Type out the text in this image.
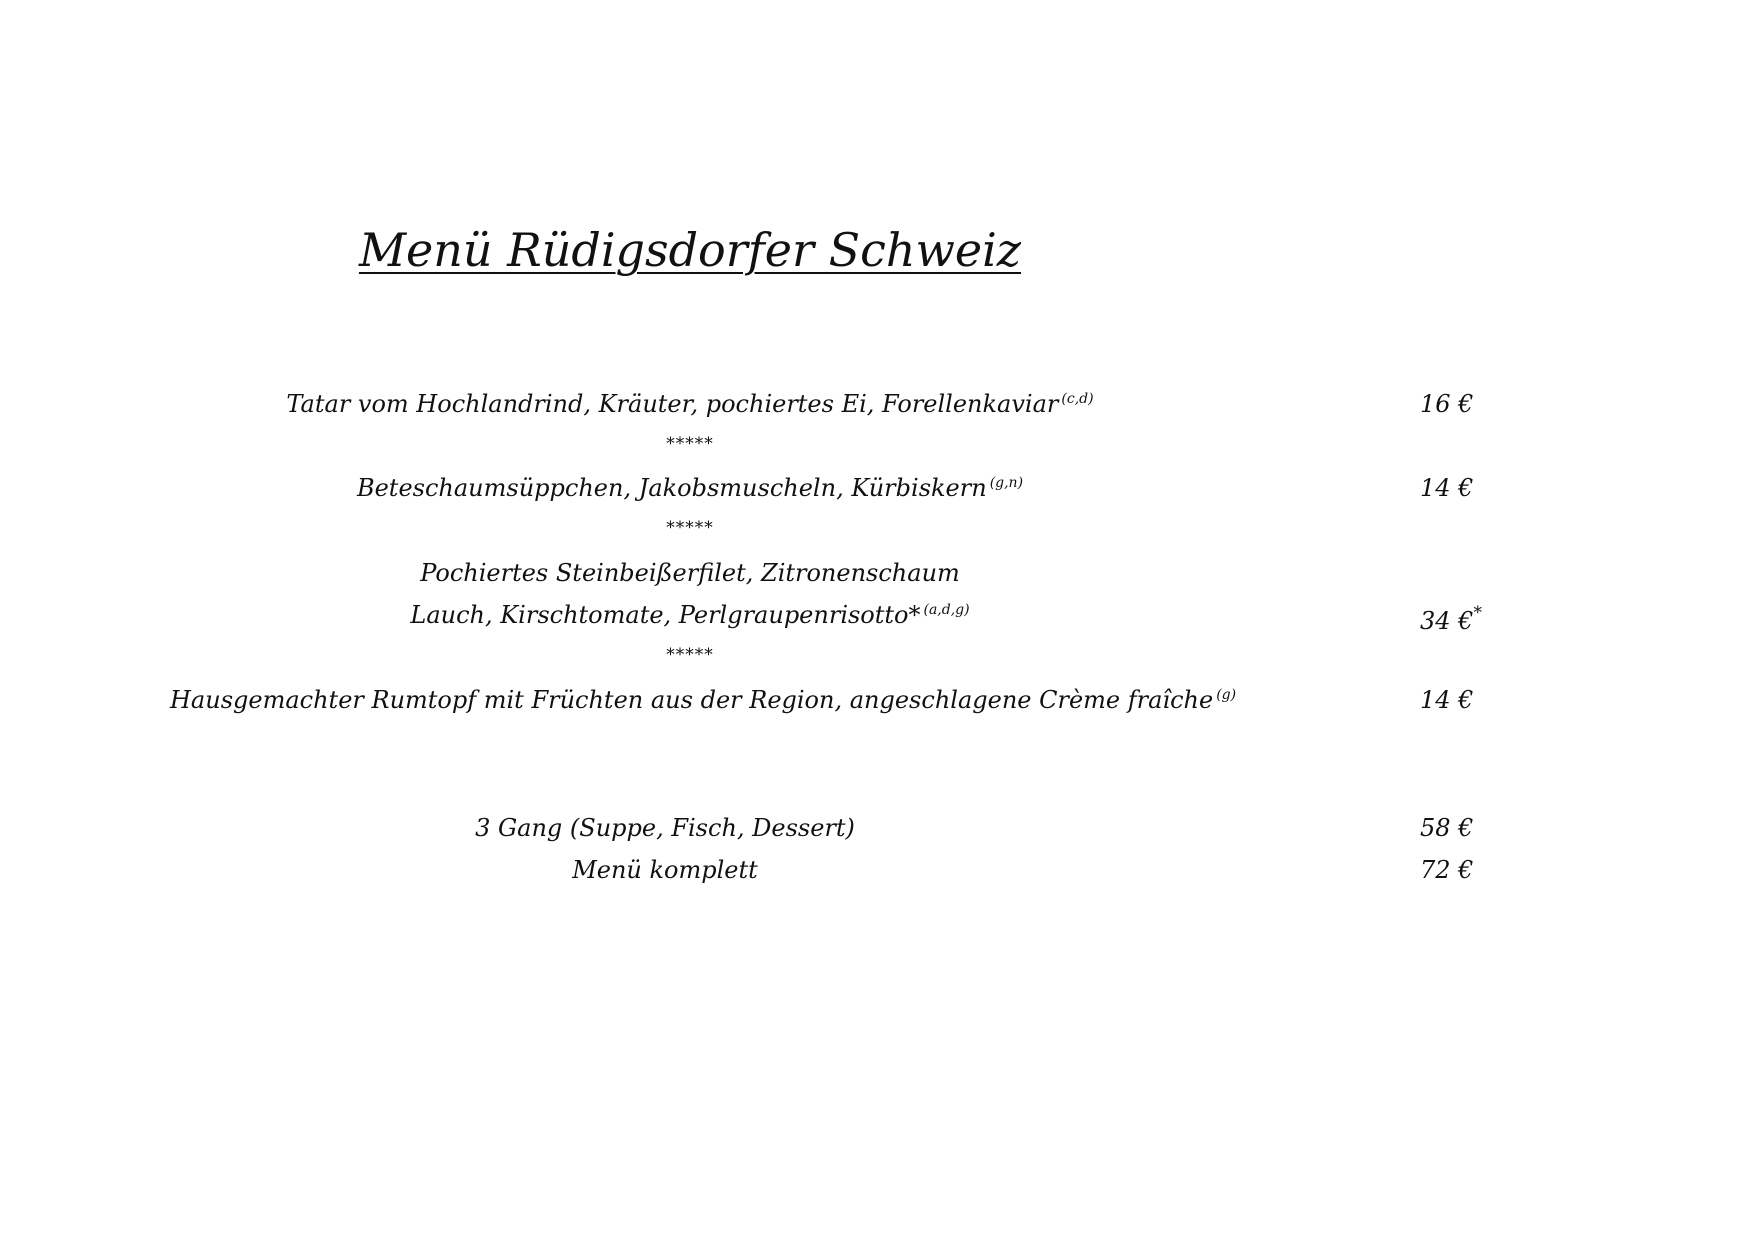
Menü Rüdigsdorfer Schweiz
Tatar vom Hochlandrind, Kräuter, pochiertes Ei, Forellenkaviar $^{(c,d)}$	16 €
*****
Beteschaumsüppchen, Jakobsmuscheln, Kürbiskern $^{(g,n)}$	14 €
*****
Pochiertes Steinbeißerfilet, Zitronenschaum
Lauch, Kirschtomate, Perlgraupenrisotto* $^{(a,d,g)}$	34 €*
*****
Hausgemachter Rumtopf mit Früchten aus der Region, angeschlagene Crème fraîche $^{(g)}$	14 €
3 Gang (Suppe, Fisch, Dessert)	58 €
Menü komplett	72 €
